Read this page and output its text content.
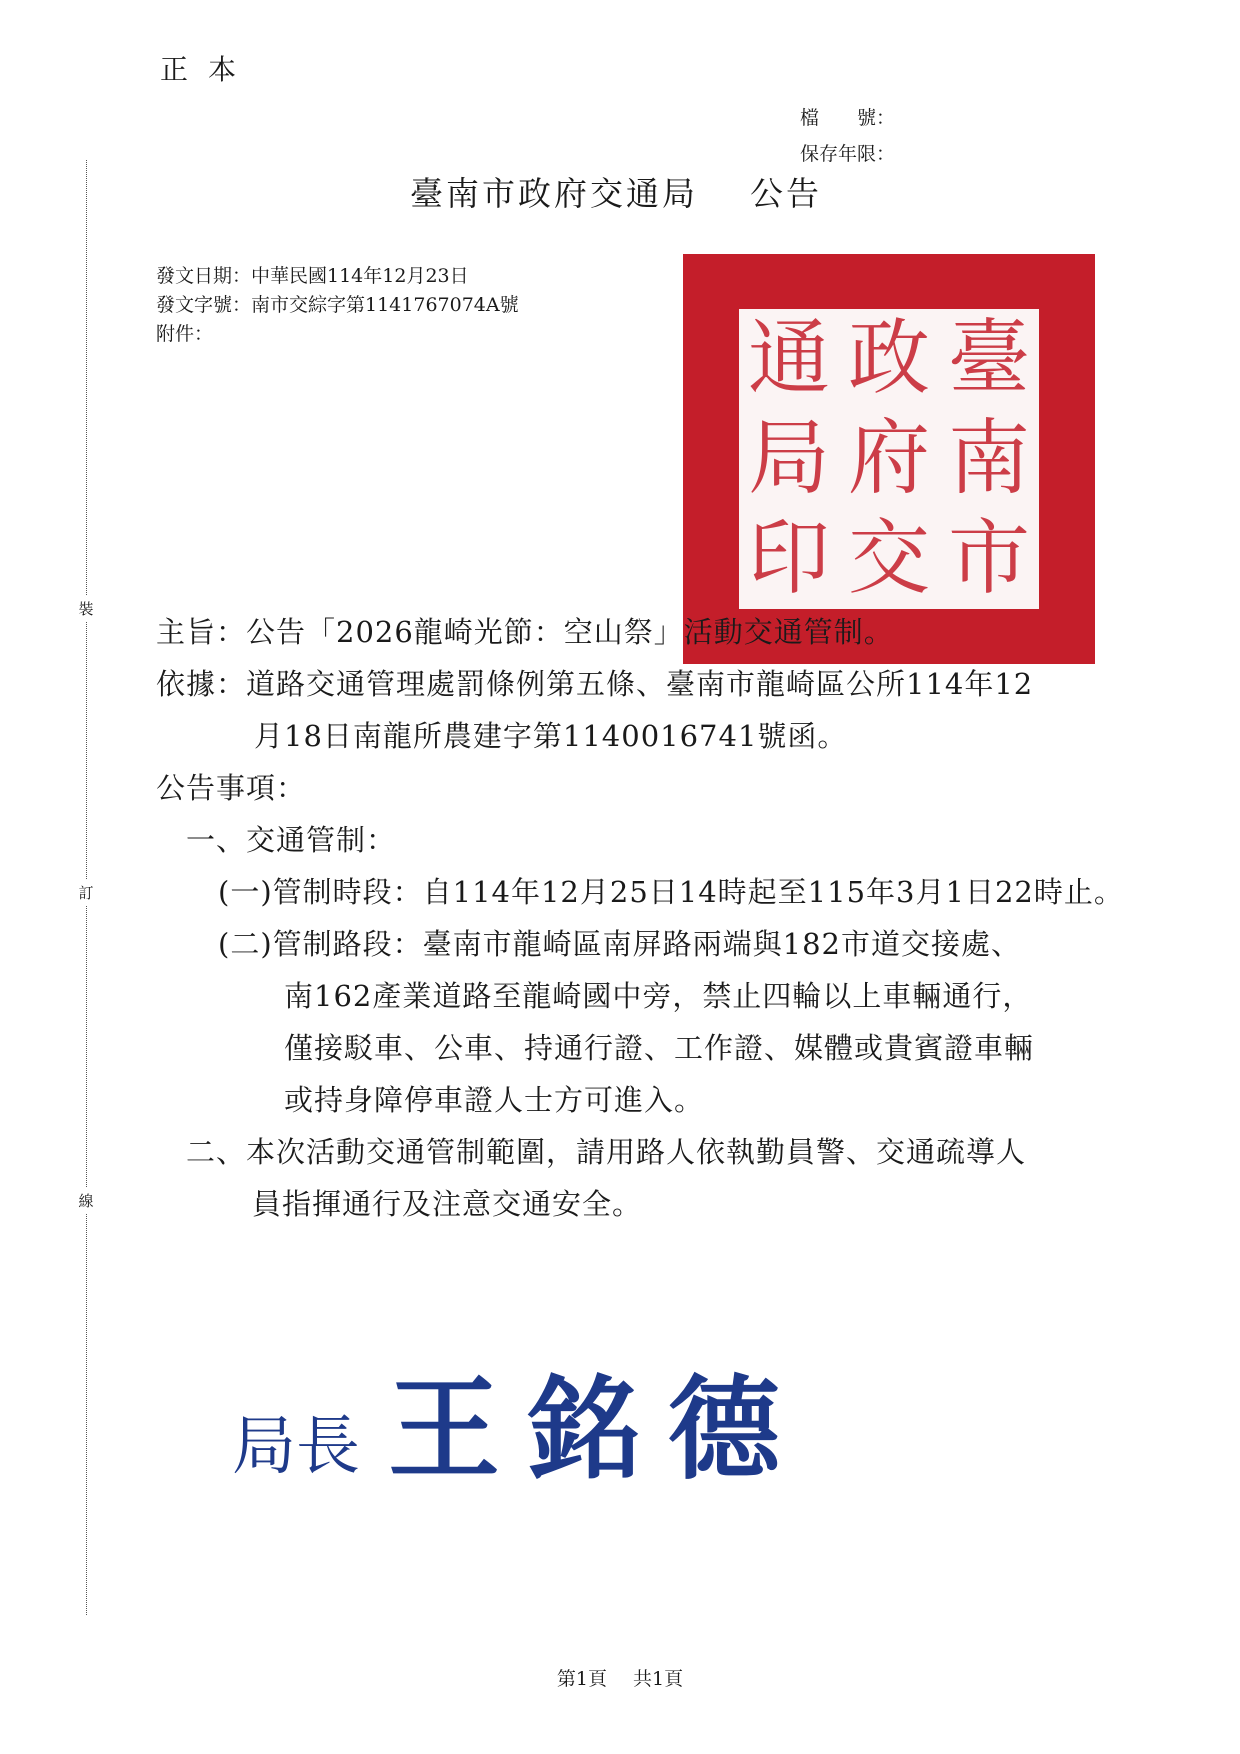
正本
檔　　號：
保存年限：
裝
訂
線
臺南市政府交通局 公告
發文日期：中華民國114年12月23日
發文字號：南市交綜字第1141767074A號
附件：	臺
南
市
政
府
交
通
局
印
主旨：公告「2026龍崎光節：空山祭」活動交通管制。
依據：道路交通管理處罰條例第五條、臺南市龍崎區公所114年12
月18日南龍所農建字第1140016741號函。
公告事項：
一、交通管制：
(一)管制時段：自114年12月25日14時起至115年3月1日22時止。
(二)管制路段：臺南市龍崎區南屏路兩端與182市道交接處、
南162產業道路至龍崎國中旁，禁止四輪以上車輛通行，
僅接駁車、公車、持通行證、工作證、媒體或貴賓證車輛
或持身障停車證人士方可進入。
二、本次活動交通管制範圍，請用路人依執勤員警、交通疏導人
員指揮通行及注意交通安全。
局長 王銘德
第1頁 共1頁
